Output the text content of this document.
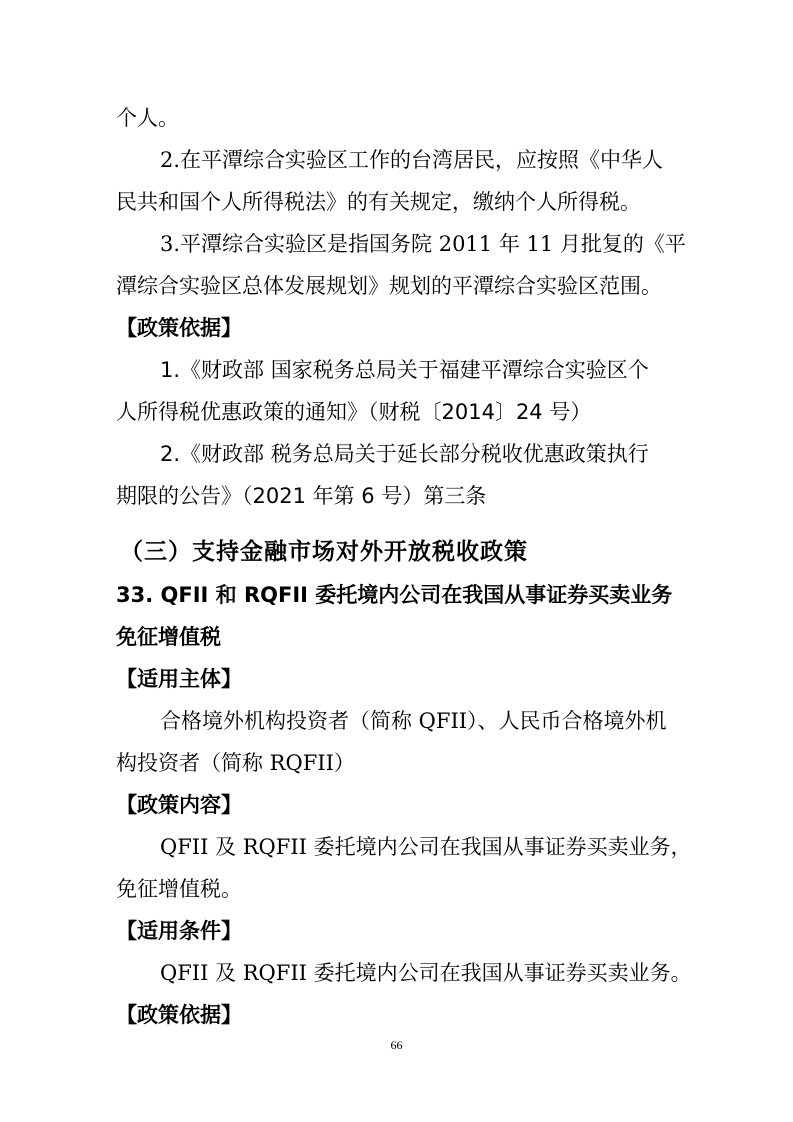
个人。
2.在平潭综合实验区工作的台湾居民，应按照《中华人
民共和国个人所得税法》的有关规定，缴纳个人所得税。
3.平潭综合实验区是指国务院 2011 年 11 月批复的《平
潭综合实验区总体发展规划》规划的平潭综合实验区范围。
【政策依据】
1.《财政部 国家税务总局关于福建平潭综合实验区个
人所得税优惠政策的通知》（财税〔2014〕24 号）
2.《财政部 税务总局关于延长部分税收优惠政策执行
期限的公告》（2021 年第 6 号）第三条
（三）支持金融市场对外开放税收政策
33. QFII 和 RQFII 委托境内公司在我国从事证券买卖业务
免征增值税
【适用主体】
合格境外机构投资者（简称 QFII）、人民币合格境外机
构投资者（简称 RQFII）
【政策内容】
QFII 及 RQFII 委托境内公司在我国从事证券买卖业务，
免征增值税。
【适用条件】
QFII 及 RQFII 委托境内公司在我国从事证券买卖业务。
【政策依据】
66
